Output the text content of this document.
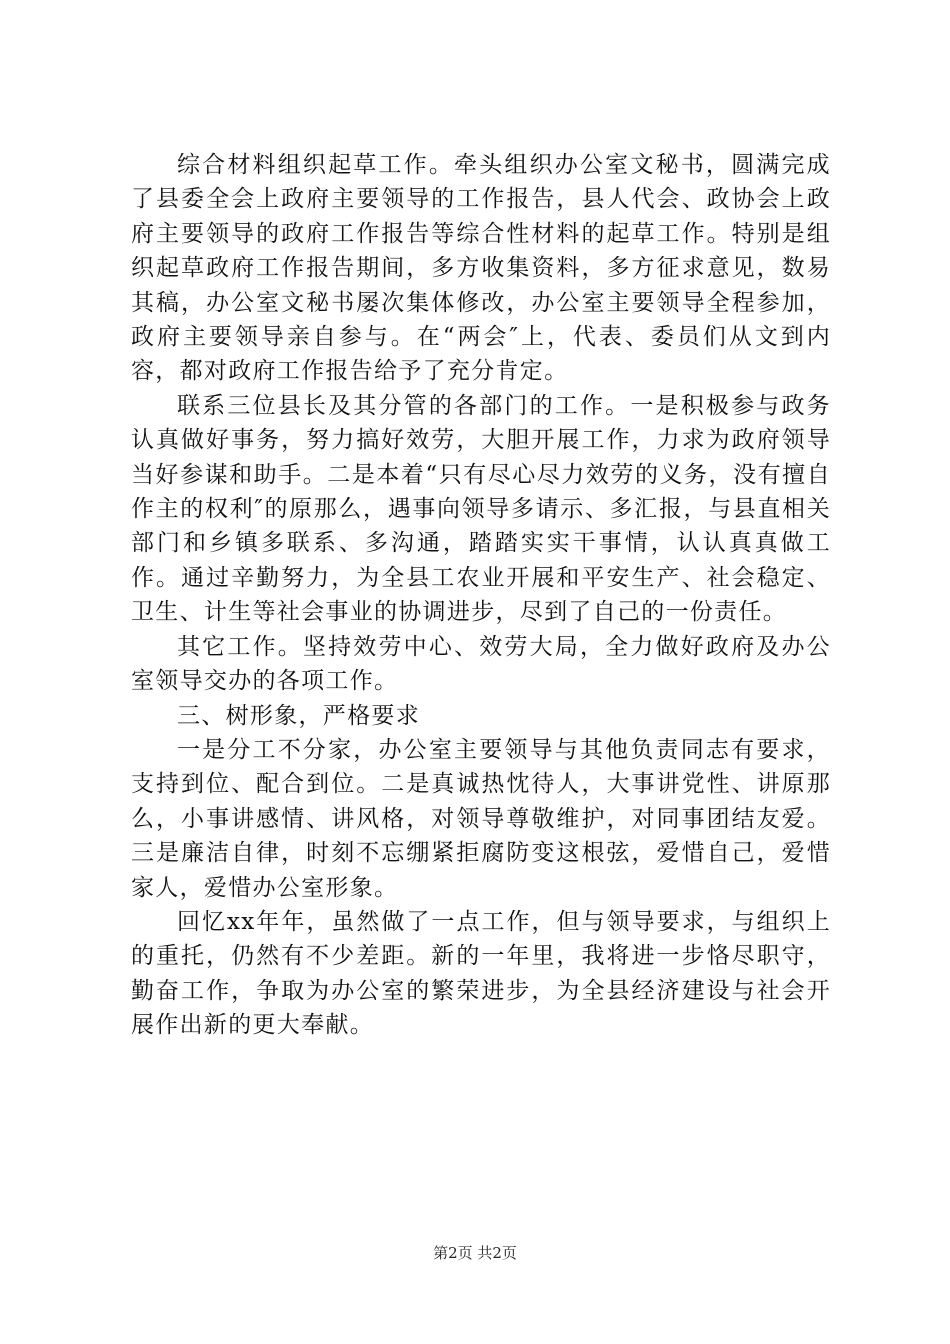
综合材料组织起草工作。牵头组织办公室文秘书，圆满完成了县委全会上政府主要领导的工作报告，县人代会、政协会上政府主要领导的政府工作报告等综合性材料的起草工作。特别是组织起草政府工作报告期间，多方收集资料，多方征求意见，数易其稿，办公室文秘书屡次集体修改，办公室主要领导全程参加，政府主要领导亲自参与。在“两会″上，代表、委员们从文到内容，都对政府工作报告给予了充分肯定。

联系三位县长及其分管的各部门的工作。一是积极参与政务认真做好事务，努力搞好效劳，大胆开展工作，力求为政府领导当好参谋和助手。二是本着“只有尽心尽力效劳的义务，没有擅自作主的权利″的原那么，遇事向领导多请示、多汇报，与县直相关部门和乡镇多联系、多沟通，踏踏实实干事情，认认真真做工作。通过辛勤努力，为全县工农业开展和平安生产、社会稳定、卫生、计生等社会事业的协调进步，尽到了自己的一份责任。

其它工作。坚持效劳中心、效劳大局，全力做好政府及办公室领导交办的各项工作。

三、树形象，严格要求

一是分工不分家，办公室主要领导与其他负责同志有要求，支持到位、配合到位。二是真诚热忱待人，大事讲党性、讲原那么，小事讲感情、讲风格，对领导尊敬维护，对同事团结友爱。三是廉洁自律，时刻不忘绷紧拒腐防变这根弦，爱惜自己，爱惜家人，爱惜办公室形象。

回忆xx年年，虽然做了一点工作，但与领导要求，与组织上的重托，仍然有不少差距。新的一年里，我将进一步恪尽职守，勤奋工作，争取为办公室的繁荣进步，为全县经济建设与社会开展作出新的更大奉献。

第2页 共2页
